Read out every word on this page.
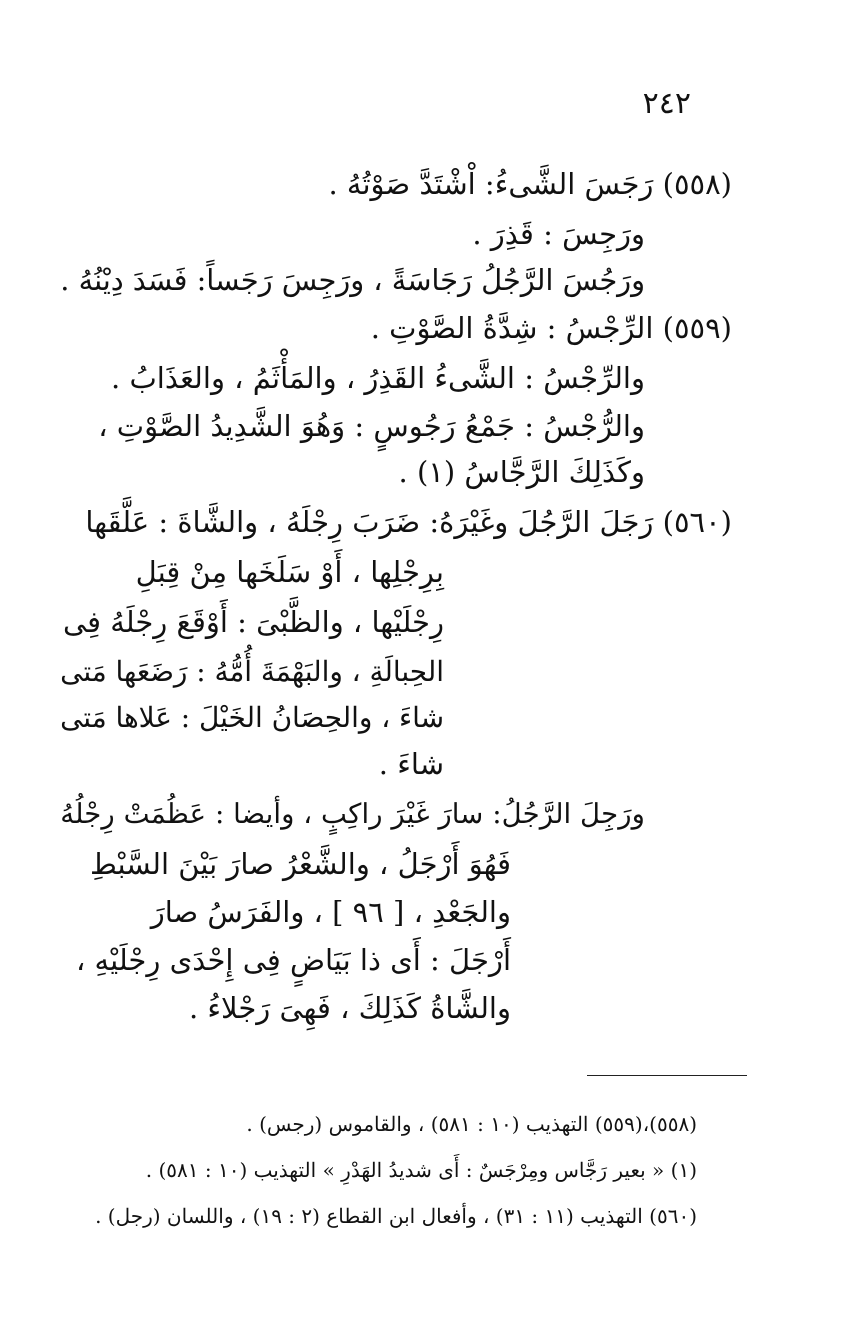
٢٤٢
(٥٥٨) رَجَسَ الشَّىءُ: اْشْتَدَّ صَوْتُهُ .
ورَجِسَ : قَذِرَ .
ورَجُسَ الرَّجُلُ رَجَاسَةً ، ورَجِسَ رَجَساً: فَسَدَ دِيْنُهُ .
(٥٥٩) الرِّجْسُ : شِدَّةُ الصَّوْتِ .
والرِّجْسُ : الشَّىءُ القَذِرُ ، والمَأْثَمُ ، والعَذَابُ .
والرُّجْسُ : جَمْعُ رَجُوسٍ : وَهُوَ الشَّدِيدُ الصَّوْتِ ،
وكَذَلِكَ الرَّجَّاسُ (١) .
(٥٦٠) رَجَلَ الرَّجُلَ وغَيْرَهُ: ضَرَبَ رِجْلَهُ ، والشَّاةَ : عَلَّقَها
بِرِجْلِها ، أَوْ سَلَخَها مِنْ قِبَلِ
رِجْلَيْها ، والظَّبْىَ : أَوْقَعَ رِجْلَهُ فِى
الحِبالَةِ ، والبَهْمَةَ أُمُّهُ : رَضَعَها مَتى
شاءَ ، والحِصَانُ الخَيْلَ : عَلاها مَتى
شاءَ .
ورَجِلَ الرَّجُلُ: سارَ غَيْرَ راكِبٍ ، وأيضا : عَظُمَتْ رِجْلُهُ
فَهُوَ أَرْجَلُ ، والشَّعْرُ صارَ بَيْنَ السَّبْطِ
والجَعْدِ ، [ ٩٦ ] ، والفَرَسُ صارَ
أَرْجَلَ : أَى ذا بَيَاضٍ فِى إِحْدَى رِجْلَيْهِ ،
والشَّاةُ كَذَلِكَ ، فَهِىَ رَجْلاءُ .
(٥٥٨)،(٥٥٩) التهذيب (١٠ : ٥٨١) ، والقاموس (رجس) .
(١) « بعير رَجَّاس ومِرْجَسٌ : أَى شديدُ الهَدْرِ » التهذيب (١٠ : ٥٨١) .
(٥٦٠) التهذيب (١١ : ٣١) ، وأفعال ابن القطاع (٢ : ١٩) ، واللسان (رجل) .
